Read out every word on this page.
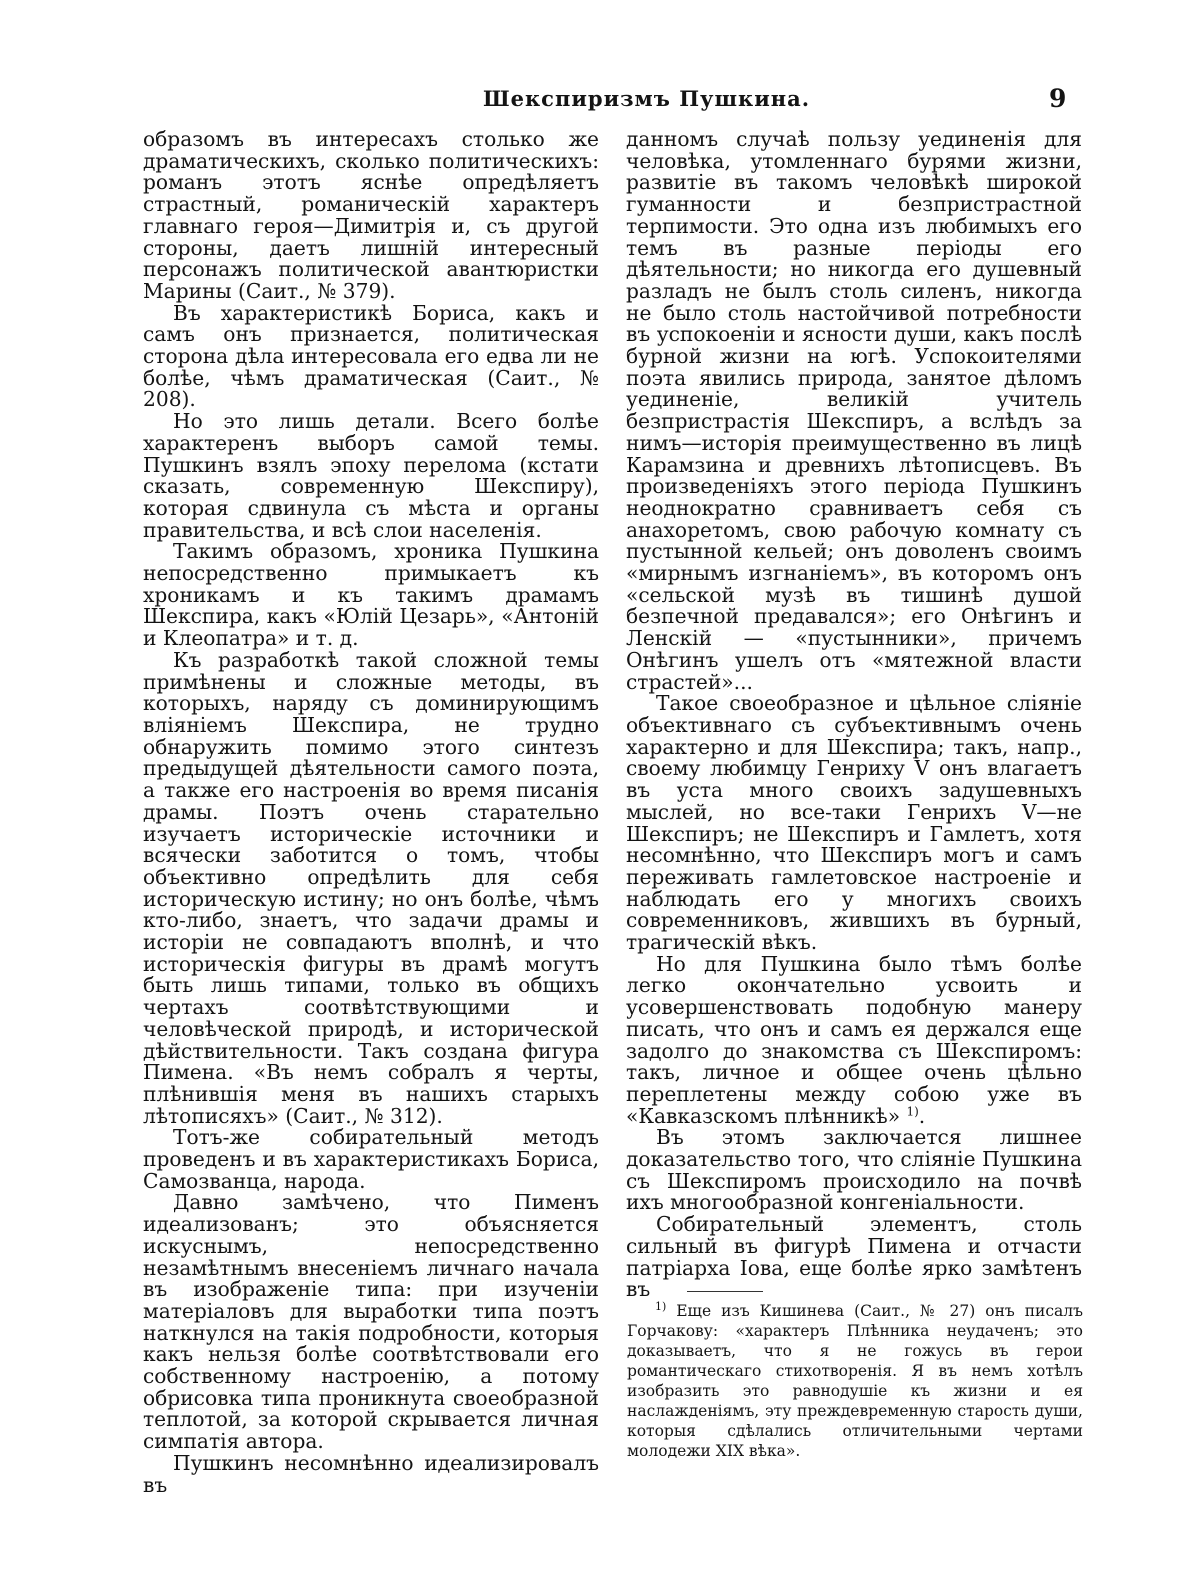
Шекспиризмъ Пушкина.	9

образомъ въ интересахъ столько же драматическихъ, сколько политическихъ: романъ этотъ яснѣе опредѣляетъ страстный, романическій характеръ главнаго героя—Димитрія и, съ другой стороны, даетъ лишній интересный персонажъ политической авантюристки Марины (Саит., № 379).

Въ характеристикѣ Бориса, какъ и самъ онъ признается, политическая сторона дѣла интересовала его едва ли не болѣе, чѣмъ драматическая (Саит., № 208).

Но это лишь детали. Всего болѣе характеренъ выборъ самой темы. Пушкинъ взялъ эпоху перелома (кстати сказать, современную Шекспиру), которая сдвинула съ мѣста и органы правительства, и всѣ слои населенія.

Такимъ образомъ, хроника Пушкина непосредственно примыкаетъ къ хроникамъ и къ такимъ драмамъ Шекспира, какъ «Юлій Цезарь», «Антоній и Клеопатра» и т. д.

Къ разработкѣ такой сложной темы примѣнены и сложные методы, въ которыхъ, наряду съ доминирующимъ вліяніемъ Шекспира, не трудно обнаружить помимо этого синтезъ предыдущей дѣятельности самого поэта, а также его настроенія во время писанія драмы. Поэтъ очень старательно изучаетъ историческіе источники и всячески заботится о томъ, чтобы объективно опредѣлить для себя историческую истину; но онъ болѣе, чѣмъ кто-либо, знаетъ, что задачи драмы и исторіи не совпадаютъ вполнѣ, и что историческія фигуры въ драмѣ могутъ быть лишь типами, только въ общихъ чертахъ соотвѣтствующими и человѣческой природѣ, и исторической дѣйствительности. Такъ создана фигура Пимена. «Въ немъ собралъ я черты, плѣнившія меня въ нашихъ старыхъ лѣтописяхъ» (Саит., № 312).

Тотъ-же собирательный методъ проведенъ и въ характеристикахъ Бориса, Самозванца, народа.

Давно замѣчено, что Пименъ идеализованъ; это объясняется искуснымъ, непосредственно незамѣтнымъ внесеніемъ личнаго начала въ изображеніе типа: при изученіи матеріаловъ для выработки типа поэтъ наткнулся на такія подробности, которыя какъ нельзя болѣе соотвѣтствовали его собственному настроенію, а потому обрисовка типа проникнута своеобразной теплотой, за которой скрывается личная симпатія автора.

Пушкинъ несомнѣнно идеализировалъ въ

данномъ случаѣ пользу уединенія для человѣка, утомленнаго бурями жизни, развитіе въ такомъ человѣкѣ широкой гуманности и безпристрастной терпимости. Это одна изъ любимыхъ его темъ въ разные періоды его дѣятельности; но никогда его душевный разладъ не былъ столь силенъ, никогда не было столь настойчивой потребности въ успокоеніи и ясности души, какъ послѣ бурной жизни на югѣ. Успокоителями поэта явились природа, занятое дѣломъ уединеніе, великій учитель безпристрастія Шекспиръ, а вслѣдъ за нимъ—исторія преимущественно въ лицѣ Карамзина и древнихъ лѣтописцевъ. Въ произведеніяхъ этого періода Пушкинъ неоднократно сравниваетъ себя съ анахоретомъ, свою рабочую комнату съ пустынной кельей; онъ доволенъ своимъ «мирнымъ изгнаніемъ», въ которомъ онъ «сельской музѣ въ тишинѣ душой безпечной предавался»; его Онѣгинъ и Ленскій — «пустынники», причемъ Онѣгинъ ушелъ отъ «мятежной власти страстей»...

Такое своеобразное и цѣльное сліяніе объективнаго съ субъективнымъ очень характерно и для Шекспира; такъ, напр., своему любимцу Генриху V онъ влагаетъ въ уста много своихъ задушевныхъ мыслей, но все-таки Генрихъ V—не Шекспиръ; не Шекспиръ и Гамлетъ, хотя несомнѣнно, что Шекспиръ могъ и самъ переживать гамлетовское настроеніе и наблюдать его у многихъ своихъ современниковъ, жившихъ въ бурный, трагическій вѣкъ.

Но для Пушкина было тѣмъ болѣе легко окончательно усвоить и усовершенствовать подобную манеру писать, что онъ и самъ ея держался еще задолго до знакомства съ Шекспиромъ: такъ, личное и общее очень цѣльно переплетены между собою уже въ «Кавказскомъ плѣнникѣ» $^{1)}$.

Въ этомъ заключается лишнее доказательство того, что сліяніе Пушкина съ Шекспиромъ происходило на почвѣ ихъ многообразной конгеніальности.

Собирательный элементъ, столь сильный въ фигурѣ Пимена и отчасти патріарха Іова, еще болѣе ярко замѣтенъ въ

$^{1)}$ Еще изъ Кишинева (Саит., № 27) онъ писалъ Горчакову: «характеръ Плѣнника неудаченъ; это доказываетъ, что я не гожусь въ герои романтическаго стихотворенія. Я въ немъ хотѣлъ изобразить это равнодушіе къ жизни и ея наслажденіямъ, эту преждевременную старость души, которыя сдѣлались отличительными чертами молодежи XIX вѣка».
